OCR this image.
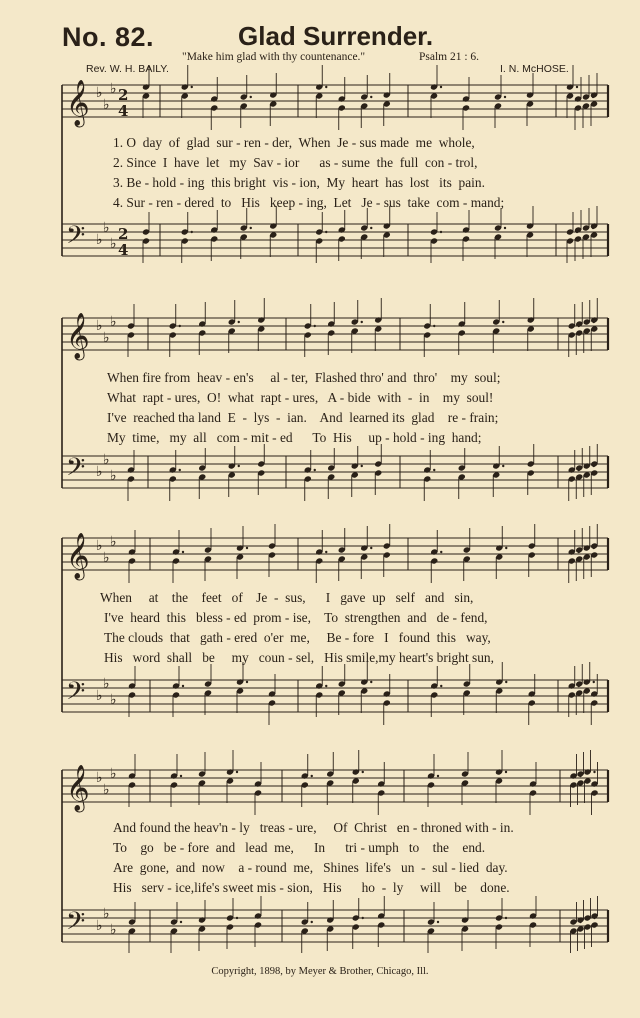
No. 82.	Glad Surrender.
"Make him glad with thy countenance."	Psalm 21 : 6.
Rev. W. H. BAILY.	I. N. McHOSE.
𝄞 ♭
♭
♭ 2
4
𝄢 ♭
♭
♭
2
4
𝄞 ♭
♭
♭
𝄢 ♭
♭
♭
𝄞 ♭
♭
♭
𝄢 ♭
♭
♭
𝄞 ♭
♭
♭
𝄢 ♭
♭
♭
1. O  day  of  glad  sur - ren - der,  When  Je - sus made  me  whole,
2. Since  I  have  let   my  Sav - ior      as - sume  the  full  con - trol,
3. Be - hold - ing  this bright  vis - ion,  My  heart  has  lost   its  pain.
4. Sur - ren - dered  to   His   keep - ing,  Let   Je - sus  take  com - mand;
When fire from  heav - en's     al - ter,  Flashed thro' and  thro'    my  soul;
What  rapt - ures,  O!  what  rapt - ures,   A - bide  with  -  in    my  soul!
I've  reached tha land  E  -  lys  -  ian.    And  learned its  glad    re - frain;
My  time,   my  all   com - mit - ed      To  His     up - hold - ing  hand;
When     at    the    feet   of    Je  -  sus,      I   gave  up   self   and   sin,
I've  heard  this   bless - ed  prom - ise,    To  strengthen  and   de - fend,
The clouds  that   gath - ered  o'er  me,     Be - fore   I   found  this   way,
His   word  shall   be     my   coun - sel,   His smile,my heart's bright sun,
And found the heav'n - ly   treas - ure,     Of  Christ   en - throned with - in.
To    go   be - fore  and   lead  me,      In      tri - umph   to    the    end.
Are  gone,  and  now    a - round  me,   Shines  life's   un  -  sul - lied  day.
His   serv - ice,life's sweet mis - sion,   His      ho  -  ly     will    be    done.
Copyright, 1898, by Meyer & Brother, Chicago, Ill.
